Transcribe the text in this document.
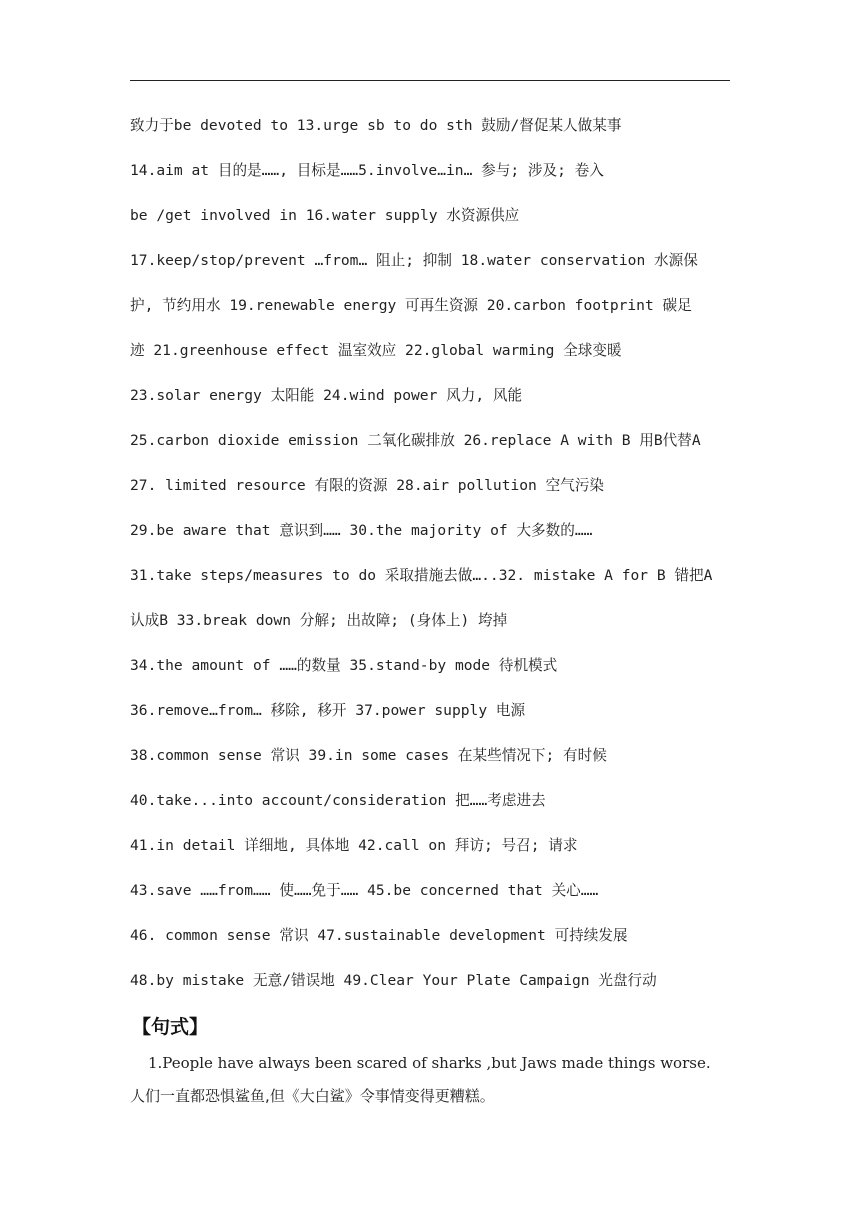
致力于be devoted to 13.urge sb to do sth 鼓励/督促某人做某事
14.aim at 目的是……, 目标是……5.involve…in… 参与; 涉及; 卷入
be /get involved in 16.water supply 水资源供应
17.keep/stop/prevent …from… 阻止; 抑制 18.water conservation 水源保
护, 节约用水 19.renewable energy 可再生资源 20.carbon footprint 碳足
迹 21.greenhouse effect 温室效应 22.global warming 全球变暖
23.solar energy 太阳能 24.wind power 风力, 风能
25.carbon dioxide emission 二氧化碳排放 26.replace A with B 用B代替A
27. limited resource 有限的资源 28.air pollution 空气污染
29.be aware that 意识到…… 30.the majority of 大多数的……
31.take steps/measures to do 采取措施去做…..32. mistake A for B 错把A
认成B 33.break down 分解; 出故障; (身体上) 垮掉
34.the amount of ……的数量 35.stand-by mode 待机模式
36.remove…from… 移除, 移开 37.power supply 电源
38.common sense 常识 39.in some cases 在某些情况下; 有时候
40.take...into account/consideration 把……考虑进去
41.in detail 详细地, 具体地 42.call on 拜访; 号召; 请求
43.save ……from…… 使……免于…… 45.be concerned that 关心……
46. common sense 常识 47.sustainable development 可持续发展
48.by mistake 无意/错误地 49.Clear Your Plate Campaign 光盘行动
【句式】
1.People have always been scared of sharks ,but Jaws made things worse.
人们一直都恐惧鲨鱼,但《大白鲨》令事情变得更糟糕。
